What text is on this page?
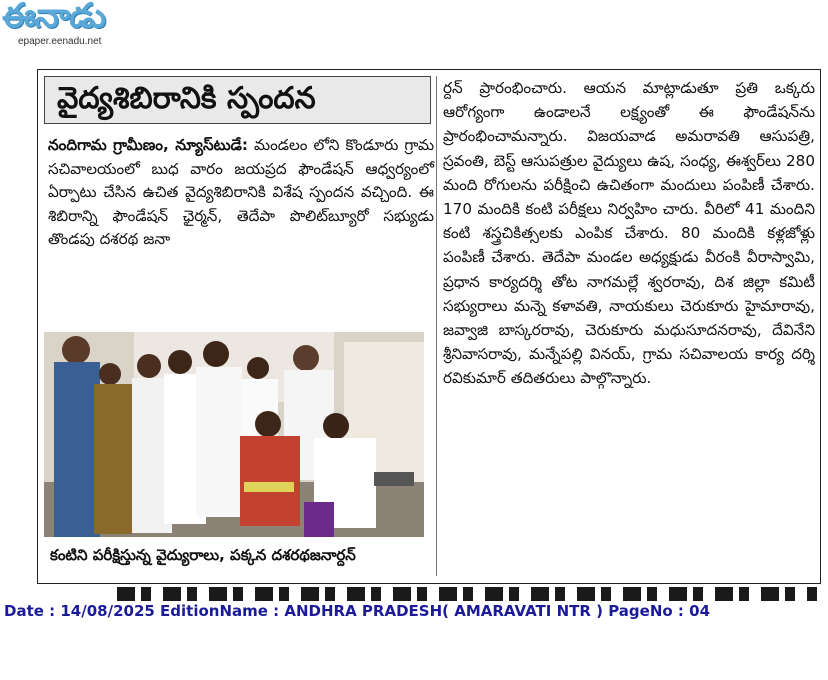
ఈనాడు
epaper.eenadu.net
వైద్యశిబిరానికి స్పందన
నందిగామ గ్రామీణం, న్యూస్‌టుడే: మండలం లోని కొండూరు గ్రామ సచివాలయంలో బుధ వారం జయప్రద ఫౌండేషన్ ఆధ్వర్యంలో ఏర్పాటు చేసిన ఉచిత వైద్యశిబిరానికి విశేష స్పందన వచ్చింది. ఈ శిబిరాన్ని ఫౌండేషన్ ఛైర్మన్, తెదేపా పొలిట్‌బ్యూరో సభ్యుడు తొండపు దశరథ జనా
కంటిని పరీక్షిస్తున్న వైద్యురాలు, పక్కన దశరథజనార్దన్
ర్దన్ ప్రారంభించారు. ఆయన మాట్లాడుతూ ప్రతి ఒక్కరు ఆరోగ్యంగా ఉండాలనే లక్ష్యంతో ఈ ఫౌండేషన్‌ను ప్రారంభించామన్నారు. విజయవాడ అమరావతి ఆసుపత్రి, స్రవంతి, బెస్ట్ ఆసుపత్రుల వైద్యులు ఉష, సంధ్య, ఈశ్వర్‌లు 280 మంది రోగులను పరీక్షించి ఉచితంగా మందులు పంపిణీ చేశారు. 170 మందికి కంటి పరీక్షలు నిర్వహిం చారు. వీరిలో 41 మందిని కంటి శస్త్రచికిత్సలకు ఎంపిక చేశారు. 80 మందికి కళ్లజోళ్లు పంపిణీ చేశారు. తెదేపా మండల అధ్యక్షుడు వీరంకి వీరాస్వామి, ప్రధాన కార్యదర్శి తోట నాగమల్లే శ్వరరావు, దిశ జిల్లా కమిటీ సభ్యురాలు మన్నె కళావతి, నాయకులు చెరుకూరు హైమారావు, జవ్వాజి బాస్కరరావు, చెరుకూరు మధుసూదనరావు, దేవినేని శ్రీనివాసరావు, మన్నేపల్లి వినయ్, గ్రామ సచివాలయ కార్య దర్శి రవికుమార్ తదితరులు పాల్గొన్నారు.
Date : 14/08/2025 EditionName : ANDHRA PRADESH( AMARAVATI NTR ) PageNo : 04
